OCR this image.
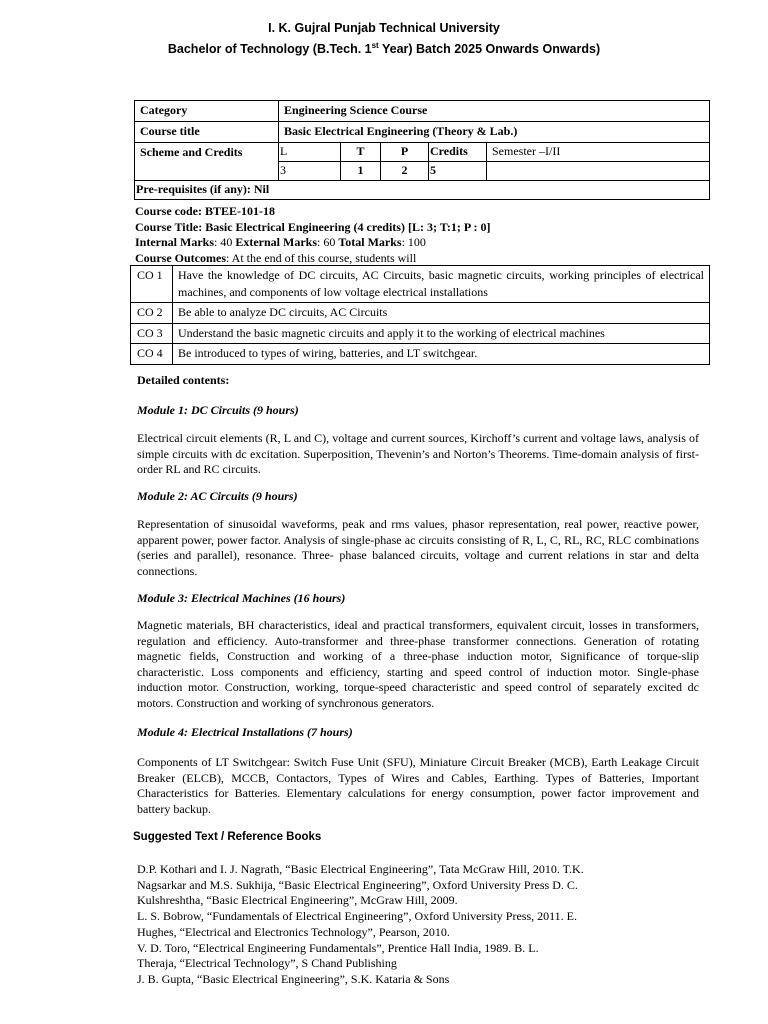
I. K. Gujral Punjab Technical University
Bachelor of Technology (B.Tech. 1st Year) Batch 2025 Onwards Onwards)
Category	Engineering Science Course				
Course title	Basic Electrical Engineering (Theory & Lab.)				
Scheme and Credits	L	T	P	Credits	Semester –I/II
	3	1	2	5	
Pre-requisites (if any): Nil					
Course code: BTEE-101-18
Course Title: Basic Electrical Engineering (4 credits) [L: 3; T:1; P : 0]
Internal Marks: 40 External Marks: 60 Total Marks: 100
Course Outcomes: At the end of this course, students will
CO 1	Have the knowledge of DC circuits, AC Circuits, basic magnetic circuits, working principles of electrical machines, and components of low voltage electrical installations
CO 2	Be able to analyze DC circuits, AC Circuits
CO 3	Understand the basic magnetic circuits and apply it to the working of electrical machines
CO 4	Be introduced to types of wiring, batteries, and LT switchgear.
Detailed contents:
Module 1: DC Circuits (9 hours)
Electrical circuit elements (R, L and C), voltage and current sources, Kirchoff’s current and voltage laws, analysis of simple circuits with dc excitation. Superposition, Thevenin’s and Norton’s Theorems. Time-domain analysis of first-order RL and RC circuits.
Module 2: AC Circuits (9 hours)
Representation of sinusoidal waveforms, peak and rms values, phasor representation, real power, reactive power, apparent power, power factor. Analysis of single-phase ac circuits consisting of R, L, C, RL, RC, RLC combinations (series and parallel), resonance. Three- phase balanced circuits, voltage and current relations in star and delta connections.
Module 3: Electrical Machines (16 hours)
Magnetic materials, BH characteristics, ideal and practical transformers, equivalent circuit, losses in transformers, regulation and efficiency. Auto-transformer and three-phase transformer connections. Generation of rotating magnetic fields, Construction and working of a three-phase induction motor, Significance of torque-slip characteristic. Loss components and efficiency, starting and speed control of induction motor. Single-phase induction motor. Construction, working, torque-speed characteristic and speed control of separately excited dc motors. Construction and working of synchronous generators.
Module 4: Electrical Installations (7 hours)
Components of LT Switchgear: Switch Fuse Unit (SFU), Miniature Circuit Breaker (MCB), Earth Leakage Circuit Breaker (ELCB), MCCB, Contactors, Types of Wires and Cables, Earthing. Types of Batteries, Important Characteristics for Batteries. Elementary calculations for energy consumption, power factor improvement and battery backup.
Suggested Text / Reference Books
D.P. Kothari and I. J. Nagrath, “Basic Electrical Engineering”, Tata McGraw Hill, 2010. T.K.
Nagsarkar and M.S. Sukhija, “Basic Electrical Engineering”, Oxford University Press D. C.
Kulshreshtha, “Basic Electrical Engineering”, McGraw Hill, 2009.
L. S. Bobrow, “Fundamentals of Electrical Engineering”, Oxford University Press, 2011. E.
Hughes, “Electrical and Electronics Technology”, Pearson, 2010.
V. D. Toro, “Electrical Engineering Fundamentals”, Prentice Hall India, 1989. B. L.
Theraja, “Electrical Technology”, S Chand Publishing
J. B. Gupta, “Basic Electrical Engineering”, S.K. Kataria & Sons
